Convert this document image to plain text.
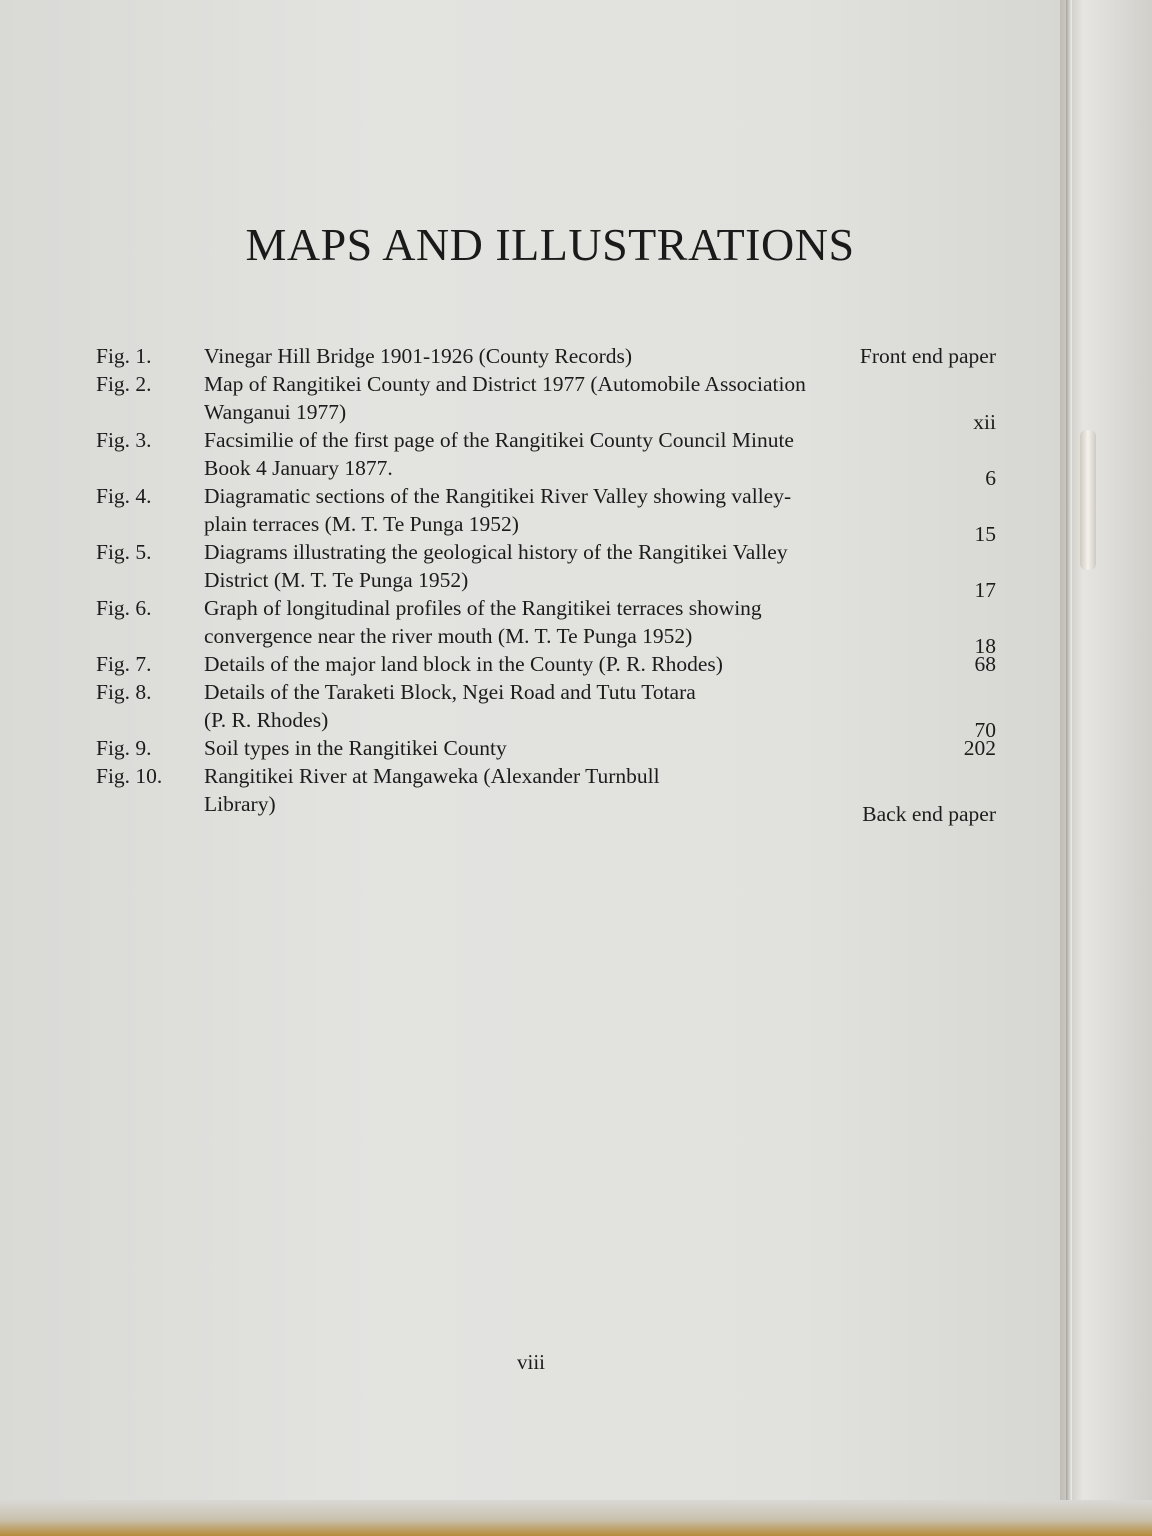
MAPS AND ILLUSTRATIONS
Fig. 1.	Vinegar Hill Bridge 1901-1926 (County Records)	Front end paper
Fig. 2.	Map of Rangitikei County and District 1977 (Automobile Association
Wanganui 1977)	xii
Fig. 3.	Facsimilie of the first page of the Rangitikei County Council Minute
Book 4 January 1877.	6
Fig. 4.	Diagramatic sections of the Rangitikei River Valley showing valley-
plain terraces (M. T. Te Punga 1952)	15
Fig. 5.	Diagrams illustrating the geological history of the Rangitikei Valley
District (M. T. Te Punga 1952)	17
Fig. 6.	Graph of longitudinal profiles of the Rangitikei terraces showing
convergence near the river mouth (M. T. Te Punga 1952)	18
Fig. 7.	Details of the major land block in the County (P. R. Rhodes)	68
Fig. 8.	Details of the Taraketi Block, Ngei Road and Tutu Totara
(P. R. Rhodes)	70
Fig. 9.	Soil types in the Rangitikei County	202
Fig. 10.	Rangitikei River at Mangaweka (Alexander Turnbull
Library)	Back end paper
viii
